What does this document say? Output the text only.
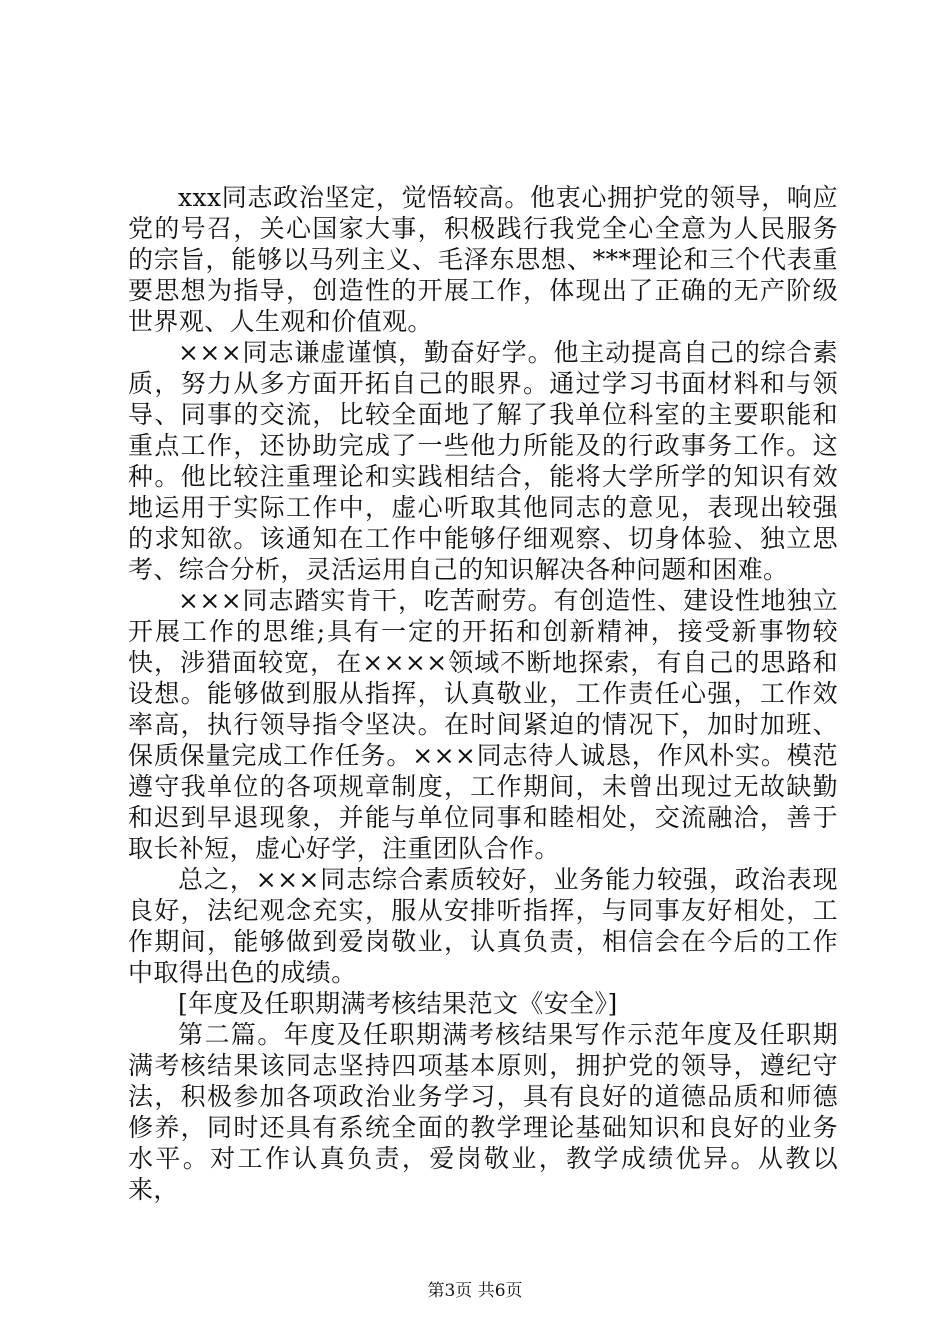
xxx同志政治坚定，觉悟较高。他衷心拥护党的领导，响应党的号召，关心国家大事，积极践行我党全心全意为人民服务的宗旨，能够以马列主义、毛泽东思想、***理论和三个代表重要思想为指导，创造性的开展工作，体现出了正确的无产阶级世界观、人生观和价值观。

×××同志谦虚谨慎，勤奋好学。他主动提高自己的综合素质，努力从多方面开拓自己的眼界。通过学习书面材料和与领导、同事的交流，比较全面地了解了我单位科室的主要职能和重点工作，还协助完成了一些他力所能及的行政事务工作。这种。他比较注重理论和实践相结合，能将大学所学的知识有效地运用于实际工作中，虚心听取其他同志的意见，表现出较强的求知欲。该通知在工作中能够仔细观察、切身体验、独立思考、综合分析，灵活运用自己的知识解决各种问题和困难。

×××同志踏实肯干，吃苦耐劳。有创造性、建设性地独立开展工作的思维;具有一定的开拓和创新精神，接受新事物较快，涉猎面较宽，在××××领域不断地探索，有自己的思路和设想。能够做到服从指挥，认真敬业，工作责任心强，工作效率高，执行领导指令坚决。在时间紧迫的情况下，加时加班、保质保量完成工作任务。×××同志待人诚恳，作风朴实。模范遵守我单位的各项规章制度，工作期间，未曾出现过无故缺勤和迟到早退现象，并能与单位同事和睦相处，交流融洽，善于取长补短，虚心好学，注重团队合作。

总之，×××同志综合素质较好，业务能力较强，政治表现良好，法纪观念充实，服从安排听指挥，与同事友好相处，工作期间，能够做到爱岗敬业，认真负责，相信会在今后的工作中取得出色的成绩。

[年度及任职期满考核结果范文《安全》]

第二篇。年度及任职期满考核结果写作示范年度及任职期满考核结果该同志坚持四项基本原则，拥护党的领导，遵纪守法，积极参加各项政治业务学习，具有良好的道德品质和师德修养，同时还具有系统全面的教学理论基础知识和良好的业务水平。对工作认真负责，爱岗敬业，教学成绩优异。从教以来，

第3页 共6页
